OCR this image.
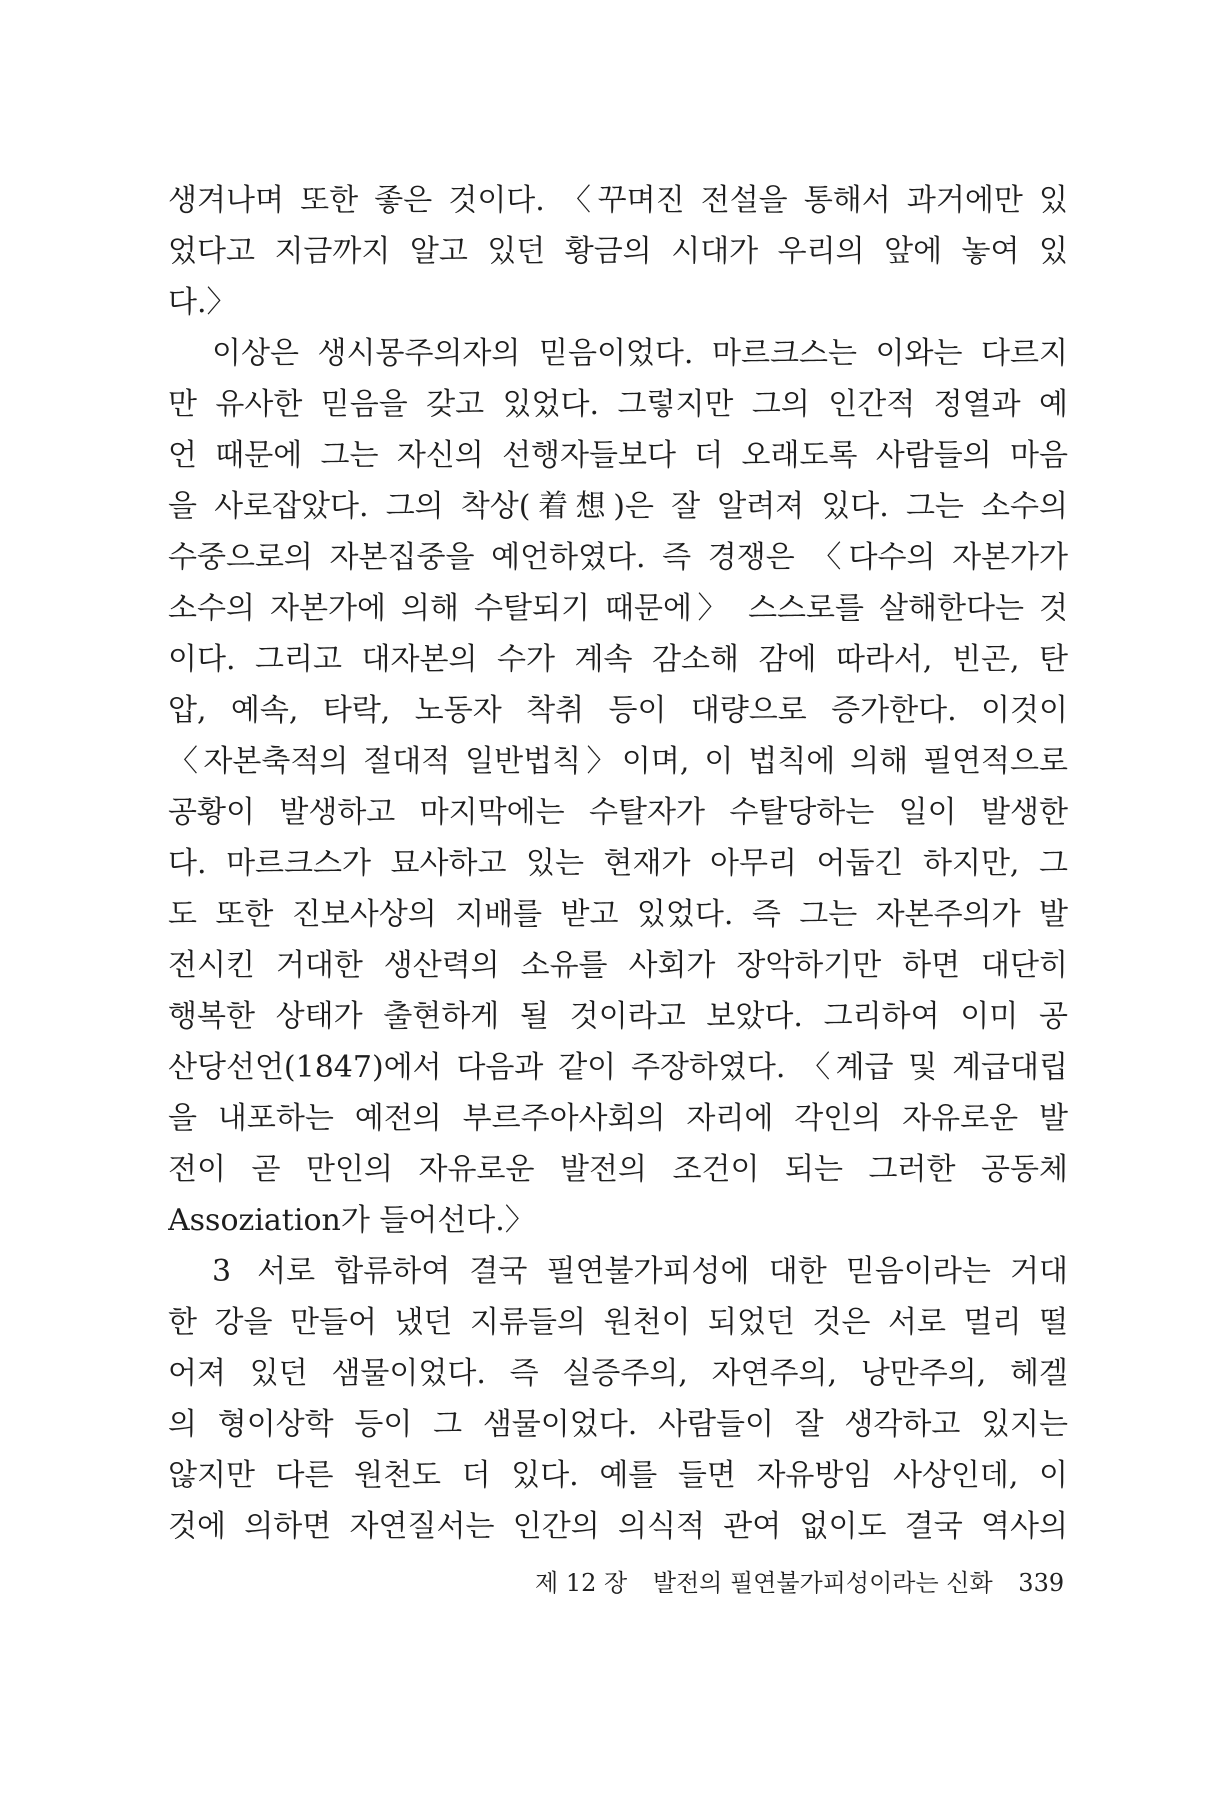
생겨나며 또한 좋은 것이다. 〈꾸며진 전설을 통해서 과거에만 있
었다고 지금까지 알고 있던 황금의 시대가 우리의 앞에 놓여 있
다.〉
이상은 생시몽주의자의 믿음이었다. 마르크스는 이와는 다르지
만 유사한 믿음을 갖고 있었다. 그렇지만 그의 인간적 정열과 예
언 때문에 그는 자신의 선행자들보다 더 오래도록 사람들의 마음
을 사로잡았다. 그의 착상(着想)은 잘 알려져 있다. 그는 소수의
수중으로의 자본집중을 예언하였다. 즉 경쟁은 〈다수의 자본가가
소수의 자본가에 의해 수탈되기 때문에〉 스스로를 살해한다는 것
이다. 그리고 대자본의 수가 계속 감소해 감에 따라서, 빈곤, 탄
압, 예속, 타락, 노동자 착취 등이 대량으로 증가한다. 이것이
〈자본축적의 절대적 일반법칙〉이며, 이 법칙에 의해 필연적으로
공황이 발생하고 마지막에는 수탈자가 수탈당하는 일이 발생한
다. 마르크스가 묘사하고 있는 현재가 아무리 어둡긴 하지만, 그
도 또한 진보사상의 지배를 받고 있었다. 즉 그는 자본주의가 발
전시킨 거대한 생산력의 소유를 사회가 장악하기만 하면 대단히
행복한 상태가 출현하게 될 것이라고 보았다. 그리하여 이미 공
산당선언(1847)에서 다음과 같이 주장하였다. 〈계급 및 계급대립
을 내포하는 예전의 부르주아사회의 자리에 각인의 자유로운 발
전이 곧 만인의 자유로운 발전의 조건이 되는 그러한 공동체
Assoziation가 들어선다.〉
3 서로 합류하여 결국 필연불가피성에 대한 믿음이라는 거대
한 강을 만들어 냈던 지류들의 원천이 되었던 것은 서로 멀리 떨
어져 있던 샘물이었다. 즉 실증주의, 자연주의, 낭만주의, 헤겔
의 형이상학 등이 그 샘물이었다. 사람들이 잘 생각하고 있지는
않지만 다른 원천도 더 있다. 예를 들면 자유방임 사상인데, 이
것에 의하면 자연질서는 인간의 의식적 관여 없이도 결국 역사의
제 12 장 발전의 필연불가피성이라는 신화 339
